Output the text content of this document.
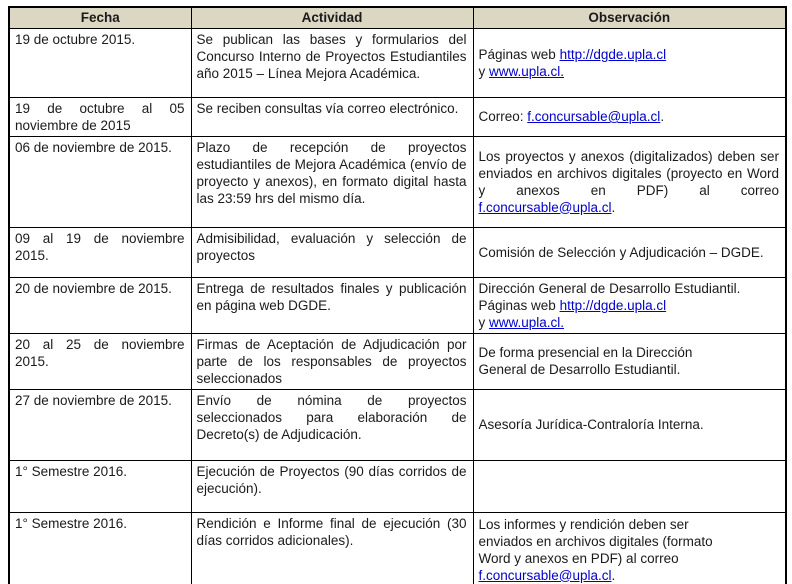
Fecha	Actividad	Observación
19 de octubre 2015.	Se publican las bases y formularios del Concurso Interno de Proyectos Estudiantiles año 2015 – Línea Mejora Académica.	Páginas web http://dgde.upla.cl
y www.upla.cl.
19 de octubre al 05 noviembre de 2015	Se reciben consultas vía correo electrónico.	Correo: f.concursable@upla.cl.
06 de noviembre de 2015.	Plazo de recepción de proyectos estudiantiles de Mejora Académica (envío de proyecto y anexos), en formato digital hasta las 23:59 hrs del mismo día.	Los proyectos y anexos (digitalizados) deben ser enviados en archivos digitales (proyecto en Word y anexos en PDF) al correo f.concursable@upla.cl.
09 al 19 de noviembre 2015.	Admisibilidad, evaluación y selección de proyectos	Comisión de Selección y Adjudicación – DGDE.
20 de noviembre de 2015.	Entrega de resultados finales y publicación en página web DGDE.	Dirección General de Desarrollo Estudiantil.
Páginas web http://dgde.upla.cl
y www.upla.cl.
20 al 25 de noviembre 2015.	Firmas de Aceptación de Adjudicación por parte de los responsables de proyectos seleccionados	De forma presencial en la Dirección
General de Desarrollo Estudiantil.
27 de noviembre de 2015.	Envío de nómina de proyectos seleccionados para elaboración de Decreto(s) de Adjudicación.	Asesoría Jurídica-Contraloría Interna.
1° Semestre 2016.	Ejecución de Proyectos (90 días corridos de ejecución).	
1° Semestre 2016.	Rendición e Informe final de ejecución (30 días corridos adicionales).	Los informes y rendición deben ser
enviados en archivos digitales (formato
Word y anexos en PDF) al correo
f.concursable@upla.cl.
